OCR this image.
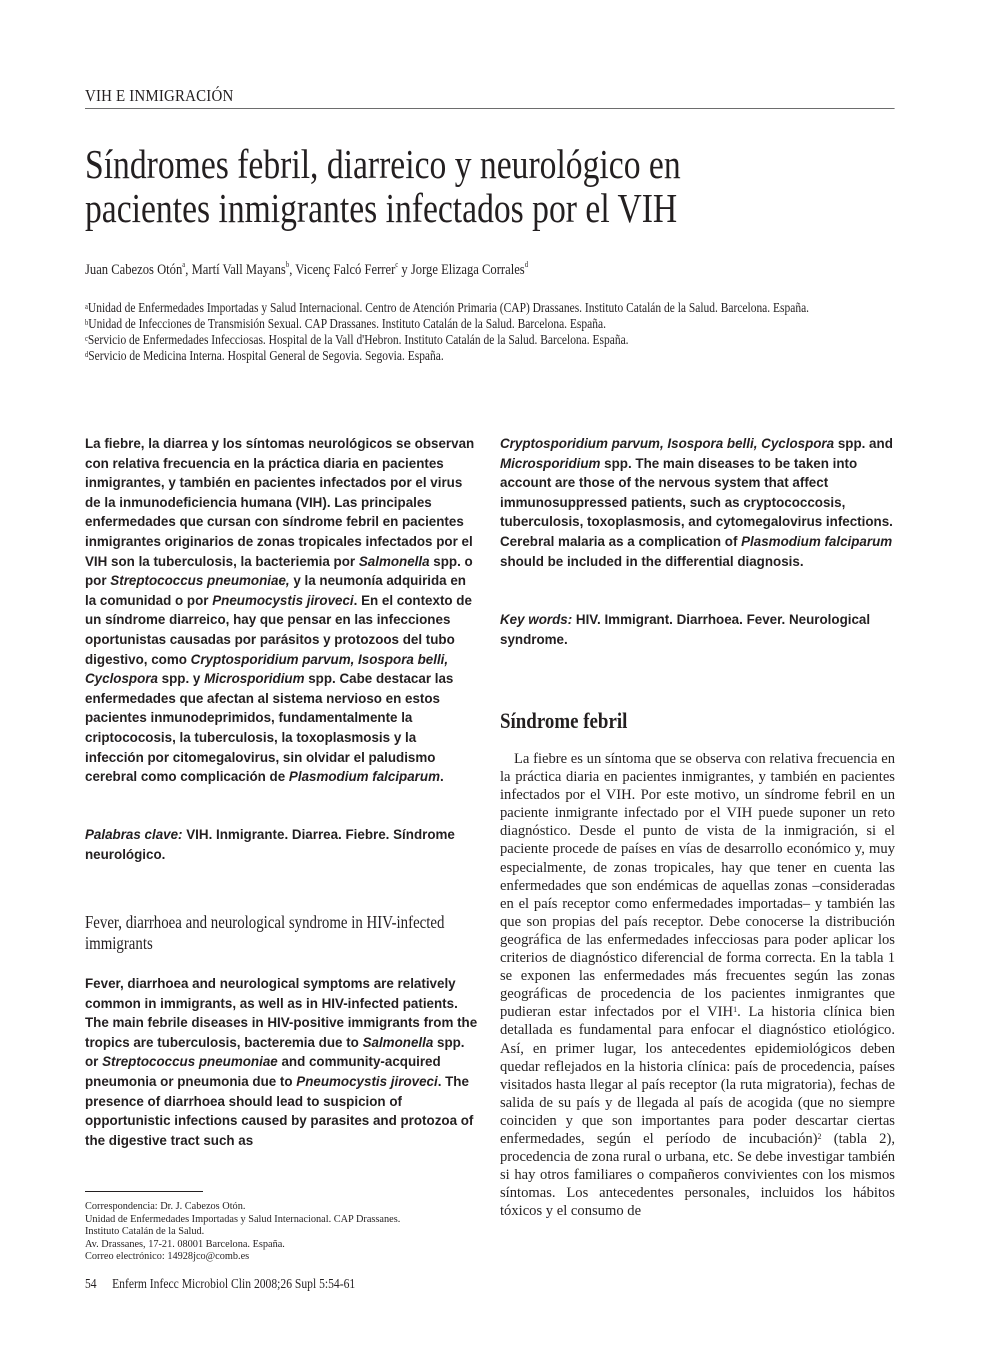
VIH E INMIGRACIÓN
Síndromes febril, diarreico y neurológico en pacientes inmigrantes infectados por el VIH
Juan Cabezos Otón$^a$, Martí Vall Mayans$^b$, Vicenç Falcó Ferrer$^c$ y Jorge Elizaga Corrales$^d$
$^a$Unidad de Enfermedades Importadas y Salud Internacional. Centro de Atención Primaria (CAP) Drassanes. Instituto Catalán de la Salud. Barcelona. España.
$^b$Unidad de Infecciones de Transmisión Sexual. CAP Drassanes. Instituto Catalán de la Salud. Barcelona. España.
$^c$Servicio de Enfermedades Infecciosas. Hospital de la Vall d'Hebron. Instituto Catalán de la Salud. Barcelona. España.
$^d$Servicio de Medicina Interna. Hospital General de Segovia. Segovia. España.

La fiebre, la diarrea y los síntomas neurológicos se observan con relativa frecuencia en la práctica diaria en pacientes inmigrantes, y también en pacientes infectados por el virus de la inmunodeficiencia humana (VIH). Las principales enfermedades que cursan con síndrome febril en pacientes inmigrantes originarios de zonas tropicales infectados por el VIH son la tuberculosis, la bacteriemia por Salmonella spp. o por Streptococcus pneumoniae, y la neumonía adquirida en la comunidad o por Pneumocystis jiroveci. En el contexto de un síndrome diarreico, hay que pensar en las infecciones oportunistas causadas por parásitos y protozoos del tubo digestivo, como Cryptosporidium parvum, Isospora belli, Cyclospora spp. y Microsporidium spp. Cabe destacar las enfermedades que afectan al sistema nervioso en estos pacientes inmunodeprimidos, fundamentalmente la criptococosis, la tuberculosis, la toxoplasmosis y la infección por citomegalovirus, sin olvidar el paludismo cerebral como complicación de Plasmodium falciparum.

Palabras clave: VIH. Inmigrante. Diarrea. Fiebre. Síndrome neurológico.
Fever, diarrhoea and neurological syndrome in HIV-infected immigrants

Fever, diarrhoea and neurological symptoms are relatively common in immigrants, as well as in HIV-infected patients. The main febrile diseases in HIV-positive immigrants from the tropics are tuberculosis, bacteremia due to Salmonella spp. or Streptococcus pneumoniae and community-acquired pneumonia or pneumonia due to Pneumocystis jiroveci. The presence of diarrhoea should lead to suspicion of opportunistic infections caused by parasites and protozoa of the digestive tract such as

Cryptosporidium parvum, Isospora belli, Cyclospora spp. and Microsporidium spp. The main diseases to be taken into account are those of the nervous system that affect immunosuppressed patients, such as cryptococcosis, tuberculosis, toxoplasmosis, and cytomegalovirus infections. Cerebral malaria as a complication of Plasmodium falciparum should be included in the differential diagnosis.

Key words: HIV. Immigrant. Diarrhoea. Fever. Neurological syndrome.
Síndrome febril

La fiebre es un síntoma que se observa con relativa frecuencia en la práctica diaria en pacientes inmigrantes, y también en pacientes infectados por el VIH. Por este motivo, un síndrome febril en un paciente inmigrante infectado por el VIH puede suponer un reto diagnóstico. Desde el punto de vista de la inmigración, si el paciente procede de países en vías de desarrollo económico y, muy especialmente, de zonas tropicales, hay que tener en cuenta las enfermedades que son endémicas de aquellas zonas –consideradas en el país receptor como enfermedades importadas– y también las que son propias del país receptor. Debe conocerse la distribución geográfica de las enfermedades infecciosas para poder aplicar los criterios de diagnóstico diferencial de forma correcta. En la tabla 1 se exponen las enfermedades más frecuentes según las zonas geográficas de procedencia de los pacientes inmigrantes que pudieran estar infectados por el VIH$^1$. La historia clínica bien detallada es fundamental para enfocar el diagnóstico etiológico. Así, en primer lugar, los antecedentes epidemiológicos deben quedar reflejados en la historia clínica: país de procedencia, países visitados hasta llegar al país receptor (la ruta migratoria), fechas de salida de su país y de llegada al país de acogida (que no siempre coinciden y que son importantes para poder descartar ciertas enfermedades, según el período de incubación)$^2$ (tabla 2), procedencia de zona rural o urbana, etc. Se debe investigar también si hay otros familiares o compañeros convivientes con los mismos síntomas. Los antecedentes personales, incluidos los hábitos tóxicos y el consumo de

Correspondencia: Dr. J. Cabezos Otón.
Unidad de Enfermedades Importadas y Salud Internacional. CAP Drassanes.
Instituto Catalán de la Salud.
Av. Drassanes, 17-21. 08001 Barcelona. España.
Correo electrónico: 14928jco@comb.es
54 Enferm Infecc Microbiol Clin 2008;26 Supl 5:54-61
